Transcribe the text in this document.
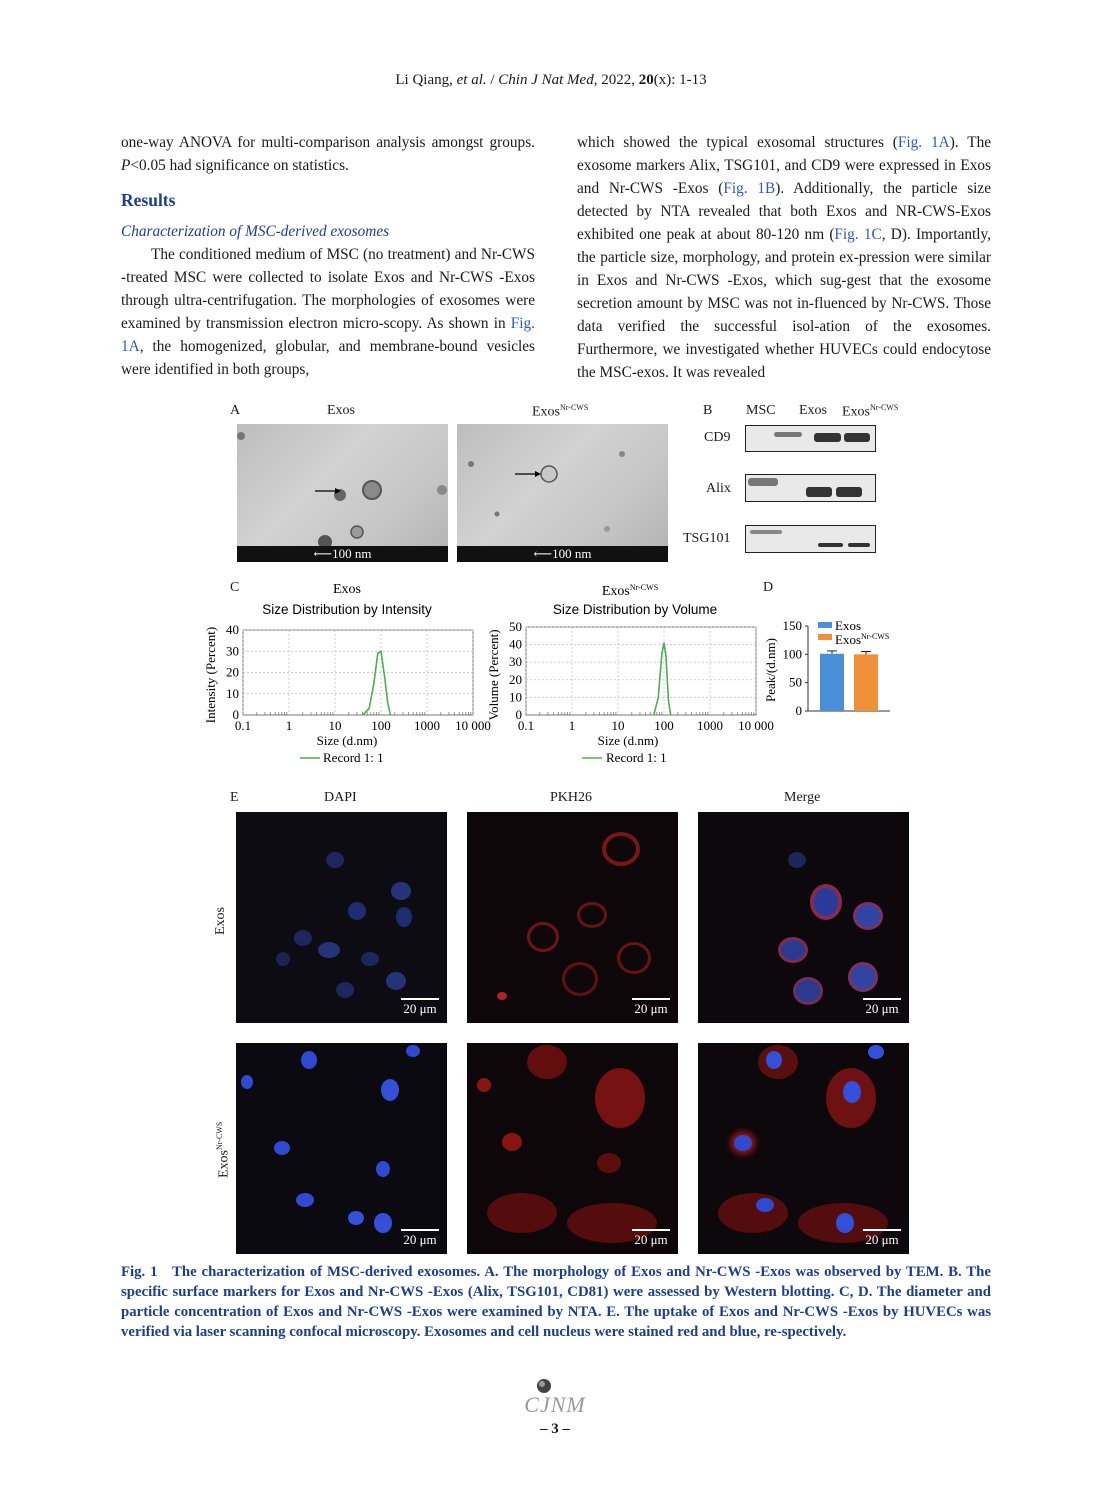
Li Qiang, et al. / Chin J Nat Med, 2022, 20(x): 1-13

one-way ANOVA for multi-comparison analysis amongst groups. P<0.05 had significance on statistics.

Results

Characterization of MSC-derived exosomes

The conditioned medium of MSC (no treatment) and Nr-CWS -treated MSC were collected to isolate Exos and Nr-CWS -Exos through ultra-centrifugation. The morphologies of exosomes were examined by transmission electron micro-scopy. As shown in Fig. 1A, the homogenized, globular, and membrane-bound vesicles were identified in both groups,

which showed the typical exosomal structures (Fig. 1A). The exosome markers Alix, TSG101, and CD9 were expressed in Exos and Nr-CWS -Exos (Fig. 1B). Additionally, the particle size detected by NTA revealed that both Exos and NR-CWS-Exos exhibited one peak at about 80-120 nm (Fig. 1C, D). Importantly, the particle size, morphology, and protein ex-pression were similar in Exos and Nr-CWS -Exos, which sug-gest that the exosome secretion amount by MSC was not in-fluenced by Nr-CWS. Those data verified the successful isol-ation of the exosomes. Furthermore, we investigated whether HUVECs could endocytose the MSC-exos. It was revealed

A	Exos	Exos$^{Nr-CWS}$
⟵100 nm	⟵100 nm
B MSC Exos Exos$^{Nr-CWS}$
CD9
Alix
TSG101
C	D
Exos
Size Distribution by Intensity
Intensity (Percent) 0
10
20
30
40
0.1	1	10 100 1000 10 000
Size (d.nm)
Record 1: 1
Exos$^{Nr-CWS}$
Size Distribution by Volume
Volume (Percent) 0
10
20
30
40
50
0.1	1	10 100 1000 10 000
Size (d.nm)
Record 1: 1
Peak/(d.nm)
0
50
100
150	Exos
Exos$^{Nr-CWS}$
E	DAPI	PKH26	Merge
Exos
Exos$^{Nr-CWS}$
20 μm	20 μm	20 μm
20 μm	20 μm	20 μm
Fig. 1 The characterization of MSC-derived exosomes. A. The morphology of Exos and Nr-CWS -Exos was observed by TEM. B. The specific surface markers for Exos and Nr-CWS -Exos (Alix, TSG101, CD81) were assessed by Western blotting. C, D. The diameter and particle concentration of Exos and Nr-CWS -Exos were examined by NTA. E. The uptake of Exos and Nr-CWS -Exos by HUVECs was verified via laser scanning confocal microscopy. Exosomes and cell nucleus were stained red and blue, re-spectively.
CJNM
– 3 –
